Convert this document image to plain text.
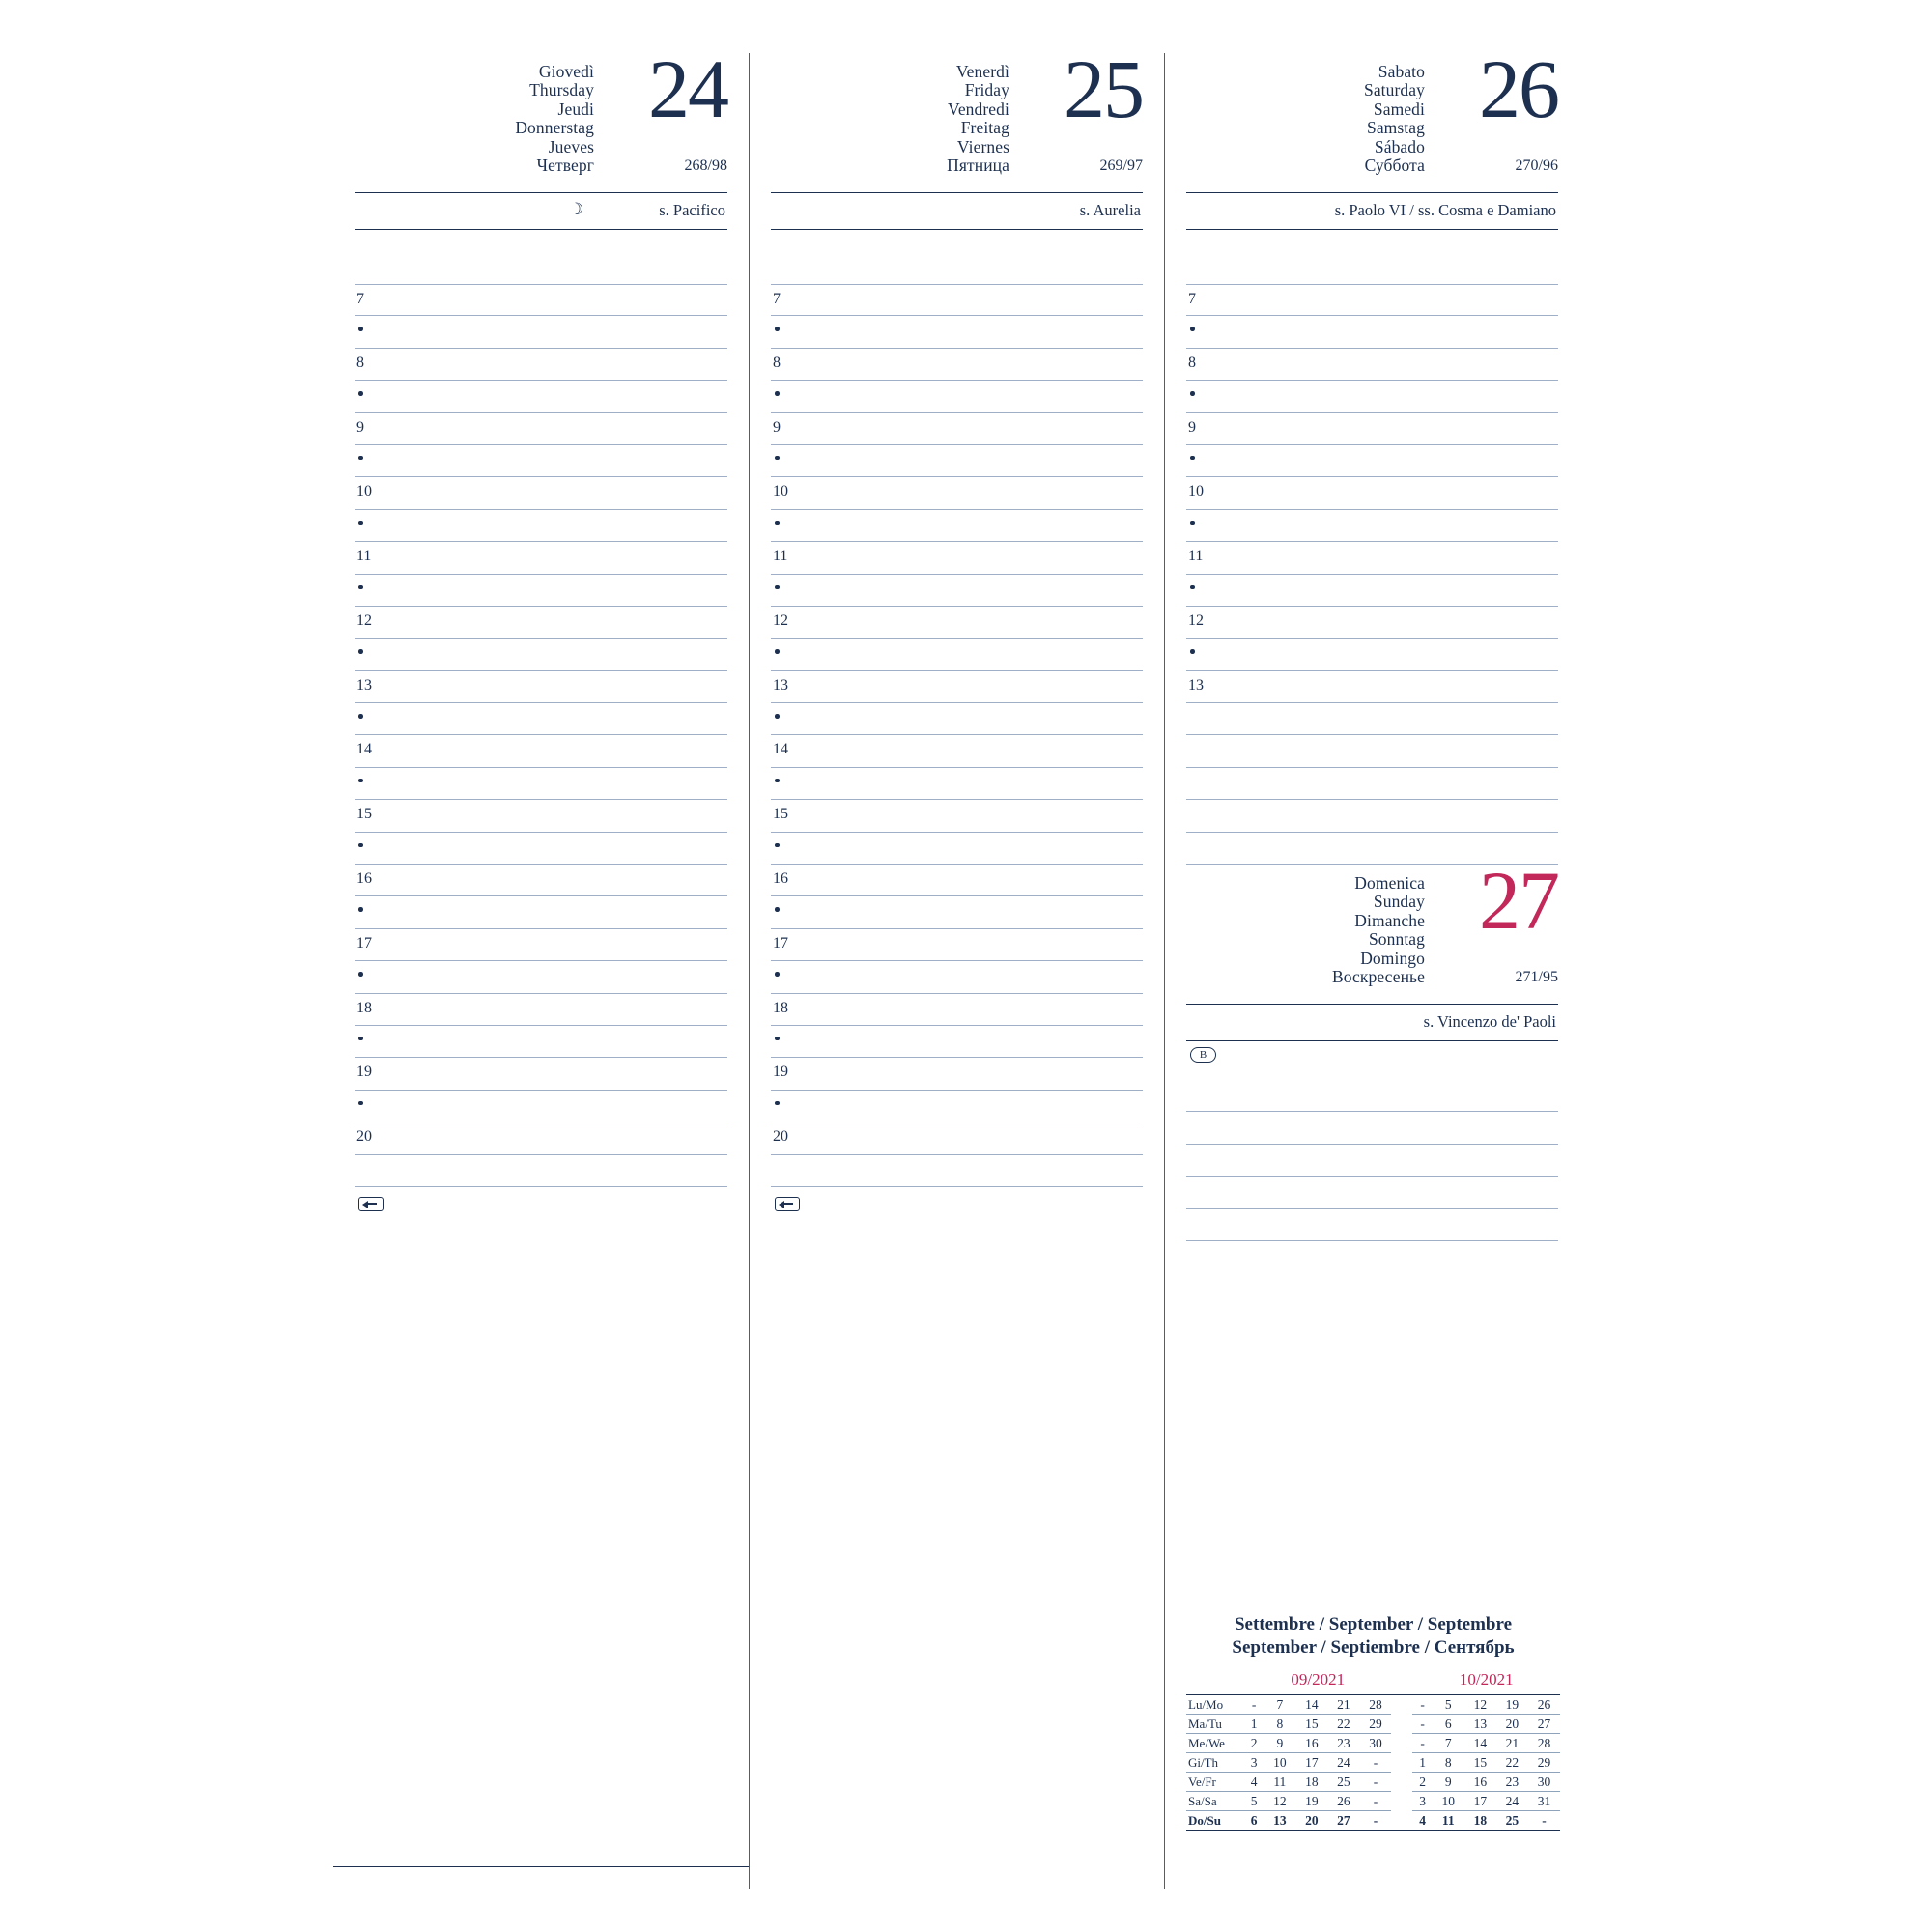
Giovedì
Thursday
Jeudi
Donnerstag
Jueves
Четверг
24
268/98
☽	s. Pacifico
7
8
9
10
11
12
13
14
15
16
17
18
19
20
Venerdì
Friday
Vendredi
Freitag
Viernes
Пятница
25
269/97
s. Aurelia
7
8
9
10
11
12
13
14
15
16
17
18
19
20
Sabato
Saturday
Samedi
Samstag
Sábado
Суббота
26
270/96
s. Paolo VI / ss. Cosma e Damiano
7
8
9
10
11
12
13
Domenica
Sunday
Dimanche
Sonntag
Domingo
Воскресенье
27
271/95
s. Vincenzo de' Paoli
B
Settembre / September / Septembre
September / Septiembre / Сентябрь
	09/2021						10/2021				
Lu/Mo	-	7	14	21	28		-	5	12	19	26
Ma/Tu	1	8	15	22	29		-	6	13	20	27
Me/We	2	9	16	23	30		-	7	14	21	28
Gi/Th	3	10	17	24	-		1	8	15	22	29
Ve/Fr	4	11	18	25	-		2	9	16	23	30
Sa/Sa	5	12	19	26	-		3	10	17	24	31
Do/Su	6	13	20	27	-		4	11	18	25	-
